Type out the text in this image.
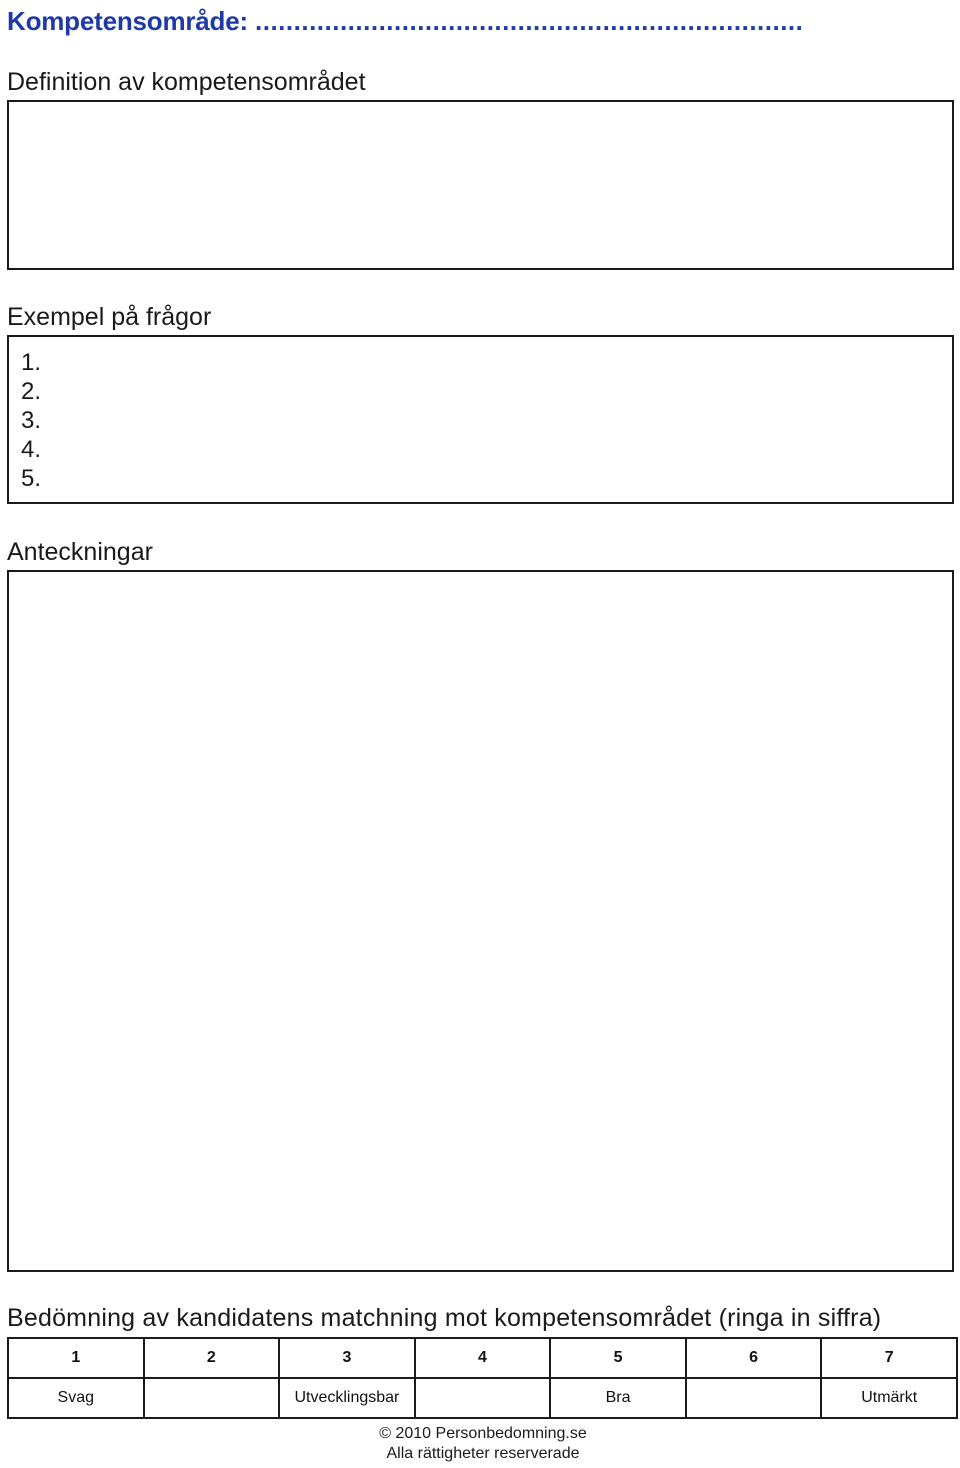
Kompetensområde: .......................................................................
Definition av kompetensområdet
Exempel på frågor
1.
2.
3.
4.
5.
Anteckningar
Bedömning av kandidatens matchning mot kompetensområdet (ringa in siffra)
1	2	3	4	5	6	7
Svag		Utvecklingsbar		Bra		Utmärkt
© 2010 Personbedomning.se
Alla rättigheter reserverade
